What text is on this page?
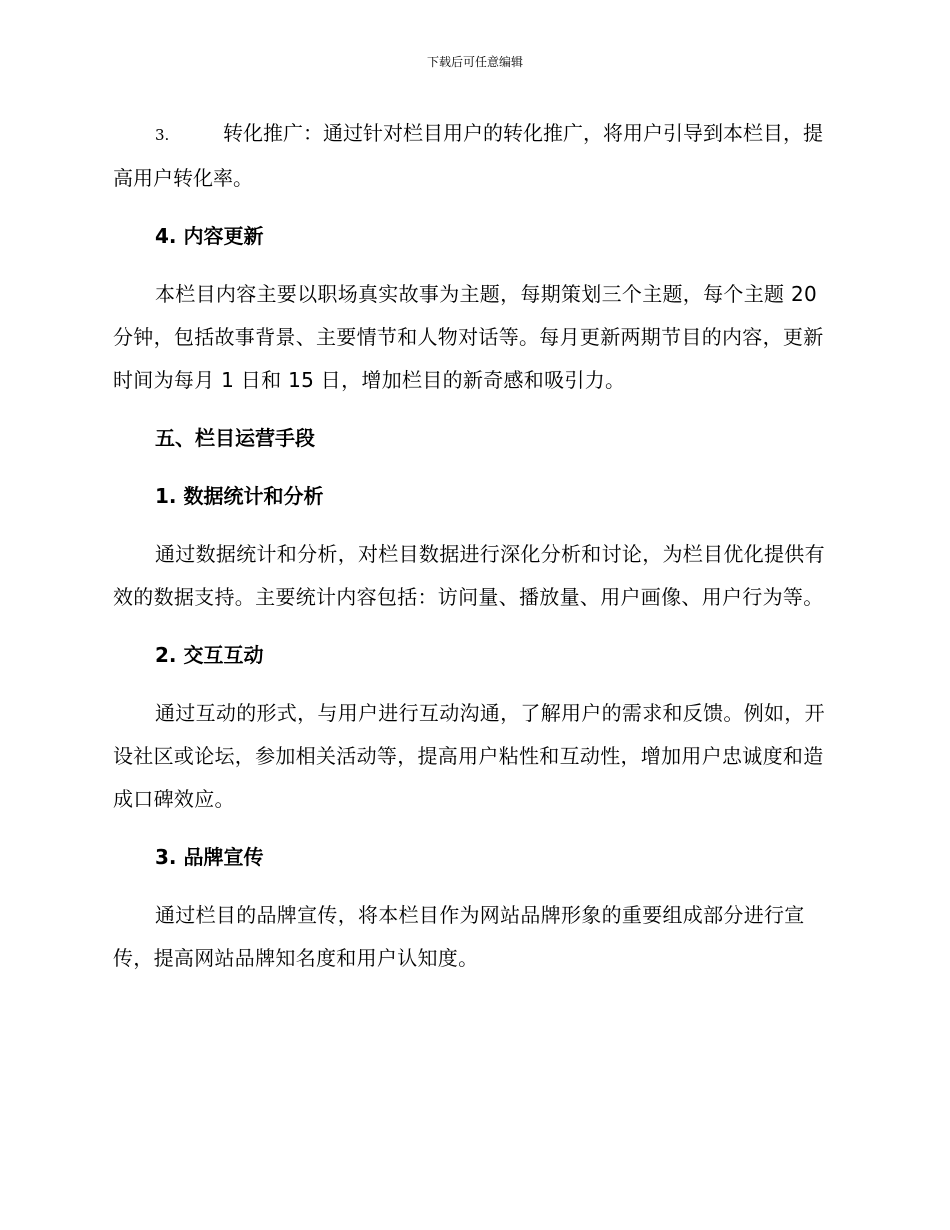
下载后可任意编辑

3.	转化推广：通过针对栏目用户的转化推广，将用户引导到本栏目，提高用户转化率。

4. 内容更新

本栏目内容主要以职场真实故事为主题，每期策划三个主题，每个主题 20 分钟，包括故事背景、主要情节和人物对话等。每月更新两期节目的内容，更新时间为每月 1 日和 15 日，增加栏目的新奇感和吸引力。

五、栏目运营手段

1. 数据统计和分析

通过数据统计和分析，对栏目数据进行深化分析和讨论，为栏目优化提供有效的数据支持。主要统计内容包括：访问量、播放量、用户画像、用户行为等。

2. 交互互动

通过互动的形式，与用户进行互动沟通，了解用户的需求和反馈。例如，开设社区或论坛，参加相关活动等，提高用户粘性和互动性，增加用户忠诚度和造成口碑效应。

3. 品牌宣传

通过栏目的品牌宣传，将本栏目作为网站品牌形象的重要组成部分进行宣传，提高网站品牌知名度和用户认知度。
